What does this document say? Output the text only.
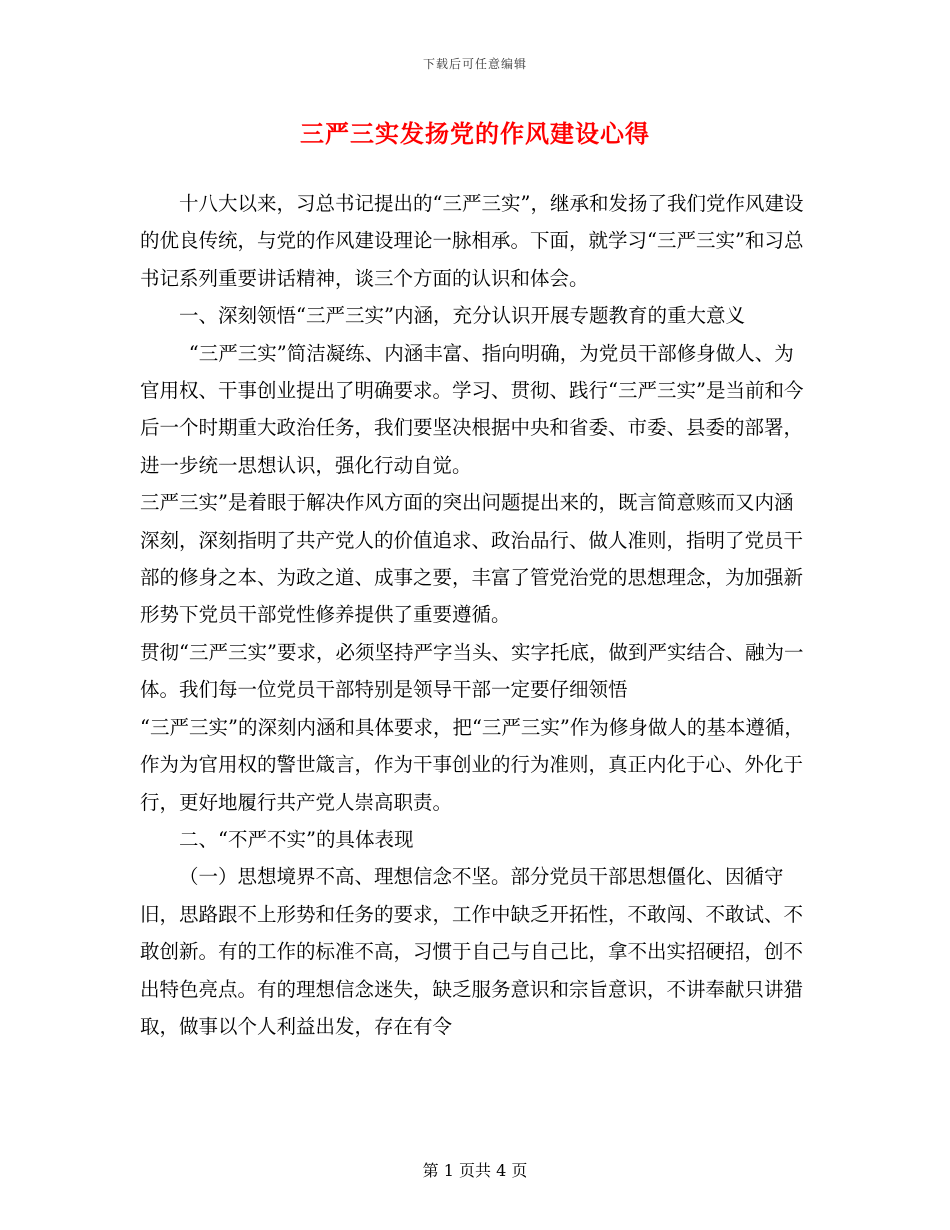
下载后可任意编辑
三严三实发扬党的作风建设心得

十八大以来，习总书记提出的“三严三实”，继承和发扬了我们党作风建设的优良传统，与党的作风建设理论一脉相承。下面，就学习“三严三实”和习总书记系列重要讲话精神，谈三个方面的认识和体会。

一、深刻领悟“三严三实”内涵，充分认识开展专题教育的重大意义

“三严三实”简洁凝练、内涵丰富、指向明确，为党员干部修身做人、为官用权、干事创业提出了明确要求。学习、贯彻、践行“三严三实”是当前和今后一个时期重大政治任务，我们要坚决根据中央和省委、市委、县委的部署，进一步统一思想认识，强化行动自觉。

三严三实”是着眼于解决作风方面的突出问题提出来的，既言简意赅而又内涵深刻，深刻指明了共产党人的价值追求、政治品行、做人准则，指明了党员干部的修身之本、为政之道、成事之要，丰富了管党治党的思想理念，为加强新形势下党员干部党性修养提供了重要遵循。

贯彻“三严三实”要求，必须坚持严字当头、实字托底，做到严实结合、融为一体。我们每一位党员干部特别是领导干部一定要仔细领悟

“三严三实”的深刻内涵和具体要求，把“三严三实”作为修身做人的基本遵循，作为为官用权的警世箴言，作为干事创业的行为准则，真正内化于心、外化于行，更好地履行共产党人崇高职责。

二、“不严不实”的具体表现

（一）思想境界不高、理想信念不坚。部分党员干部思想僵化、因循守旧，思路跟不上形势和任务的要求，工作中缺乏开拓性，不敢闯、不敢试、不敢创新。有的工作的标准不高，习惯于自己与自己比，拿不出实招硬招，创不出特色亮点。有的理想信念迷失，缺乏服务意识和宗旨意识，不讲奉献只讲猎取，做事以个人利益出发，存在有令

第 1 页共 4 页
